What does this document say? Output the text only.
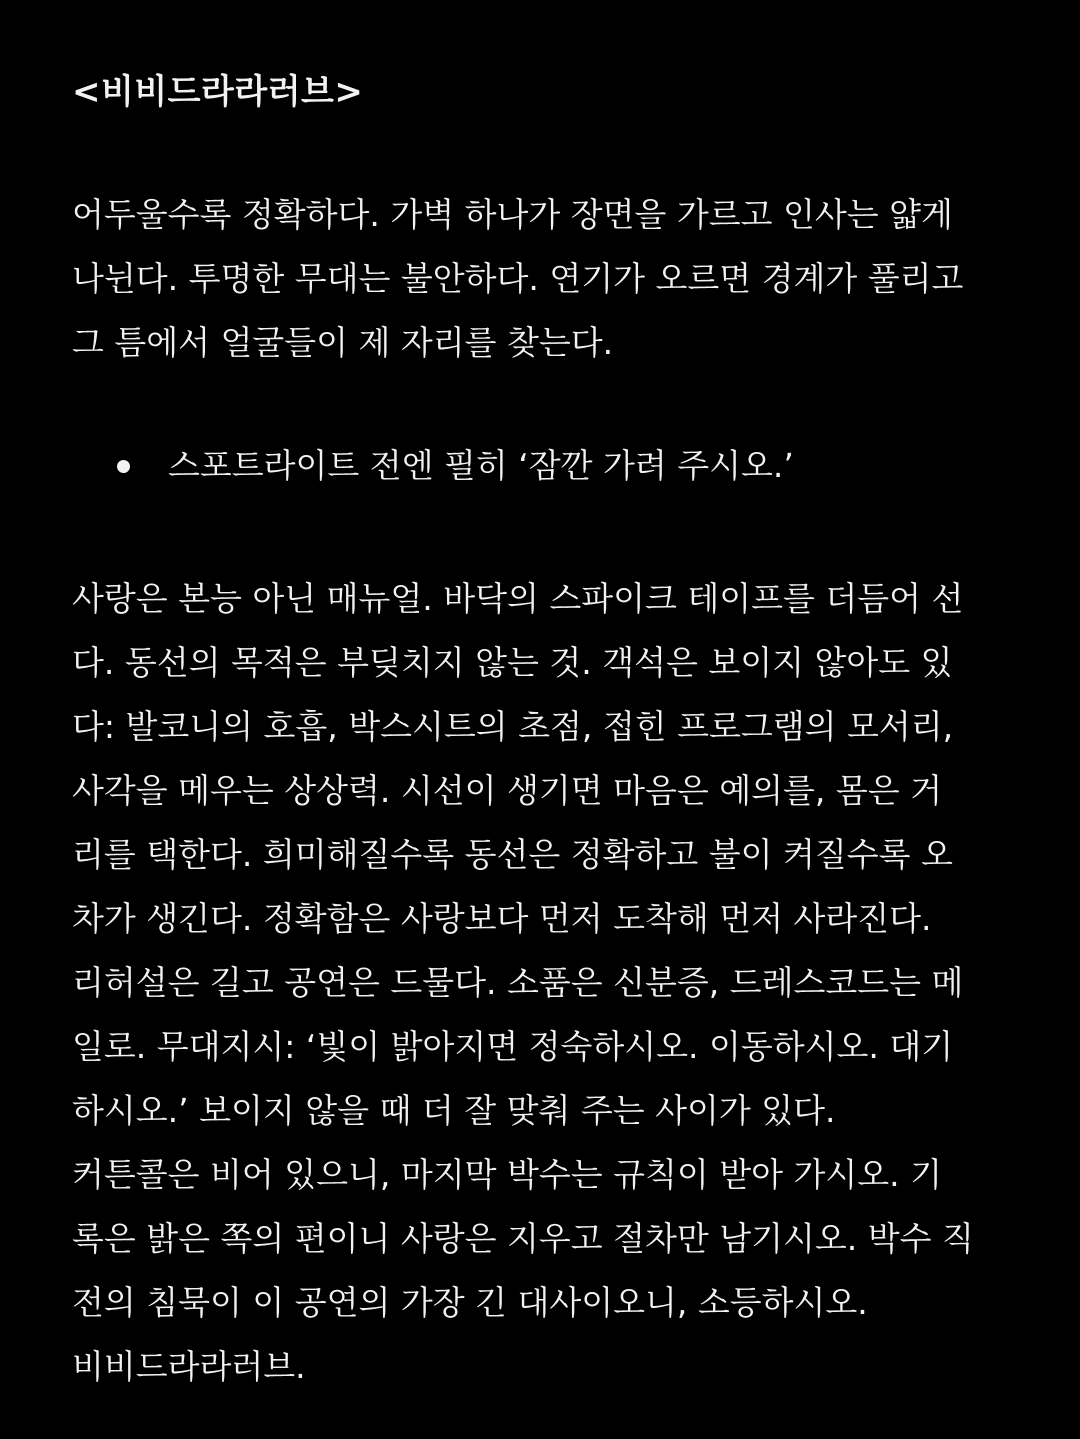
<비비드라라러브>
어두울수록 정확하다. 가벽 하나가 장면을 가르고 인사는 얇게
나뉜다. 투명한 무대는 불안하다. 연기가 오르면 경계가 풀리고
그 틈에서 얼굴들이 제 자리를 찾는다.
스포트라이트 전엔 필히 ‘잠깐 가려 주시오.’
사랑은 본능 아닌 매뉴얼. 바닥의 스파이크 테이프를 더듬어 선
다. 동선의 목적은 부딪치지 않는 것. 객석은 보이지 않아도 있
다: 발코니의 호흡, 박스시트의 초점, 접힌 프로그램의 모서리,
사각을 메우는 상상력. 시선이 생기면 마음은 예의를, 몸은 거
리를 택한다. 희미해질수록 동선은 정확하고 불이 켜질수록 오
차가 생긴다. 정확함은 사랑보다 먼저 도착해 먼저 사라진다.
리허설은 길고 공연은 드물다. 소품은 신분증, 드레스코드는 메
일로. 무대지시: ‘빛이 밝아지면 정숙하시오. 이동하시오. 대기
하시오.’ 보이지 않을 때 더 잘 맞춰 주는 사이가 있다.
커튼콜은 비어 있으니, 마지막 박수는 규칙이 받아 가시오. 기
록은 밝은 쪽의 편이니 사랑은 지우고 절차만 남기시오. 박수 직
전의 침묵이 이 공연의 가장 긴 대사이오니, 소등하시오.
비비드라라러브.
